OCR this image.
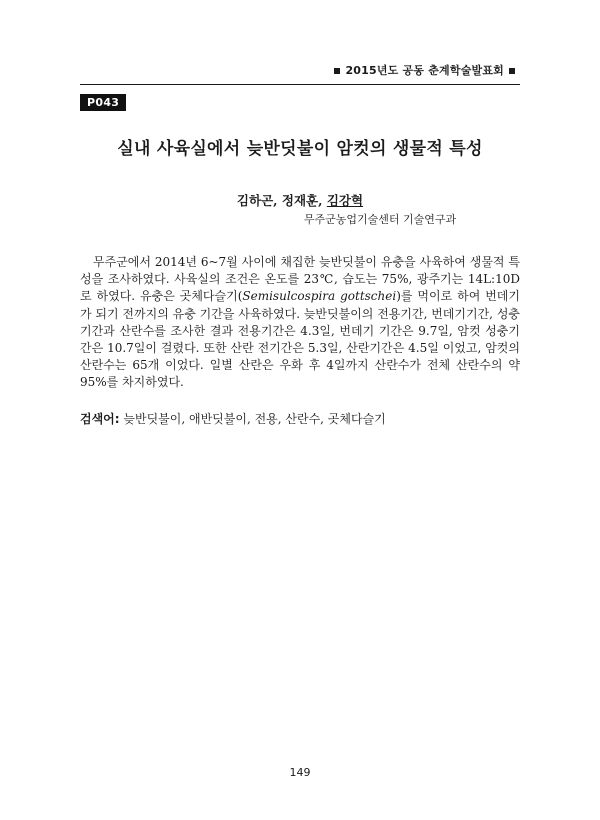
2015년도 공동 춘계학술발표회
P043
실내 사육실에서 늦반딧불이 암컷의 생물적 특성
김하곤, 정재훈, 김강혁
무주군농업기술센터 기술연구과

무주군에서 2014년 6~7월 사이에 채집한 늦반딧불이 유충을 사육하여 생물적 특성을 조사하였다. 사육실의 조건은 온도를 23℃, 습도는 75%, 광주기는 14L:10D로 하였다. 유충은 곳체다슬기(Semisulcospira gottschei)를 먹이로 하여 번데기가 되기 전까지의 유충 기간을 사육하였다. 늦반딧불이의 전용기간, 번데기기간, 성충기간과 산란수를 조사한 결과 전용기간은 4.3일, 번데기 기간은 9.7일, 암컷 성충기간은 10.7일이 걸렸다. 또한 산란 전기간은 5.3일, 산란기간은 4.5일 이었고, 암컷의 산란수는 65개 이었다. 일별 산란은 우화 후 4일까지 산란수가 전체 산란수의 약 95%를 차지하였다.

검색어: 늦반딧불이, 애반딧불이, 전용, 산란수, 곳체다슬기
149
